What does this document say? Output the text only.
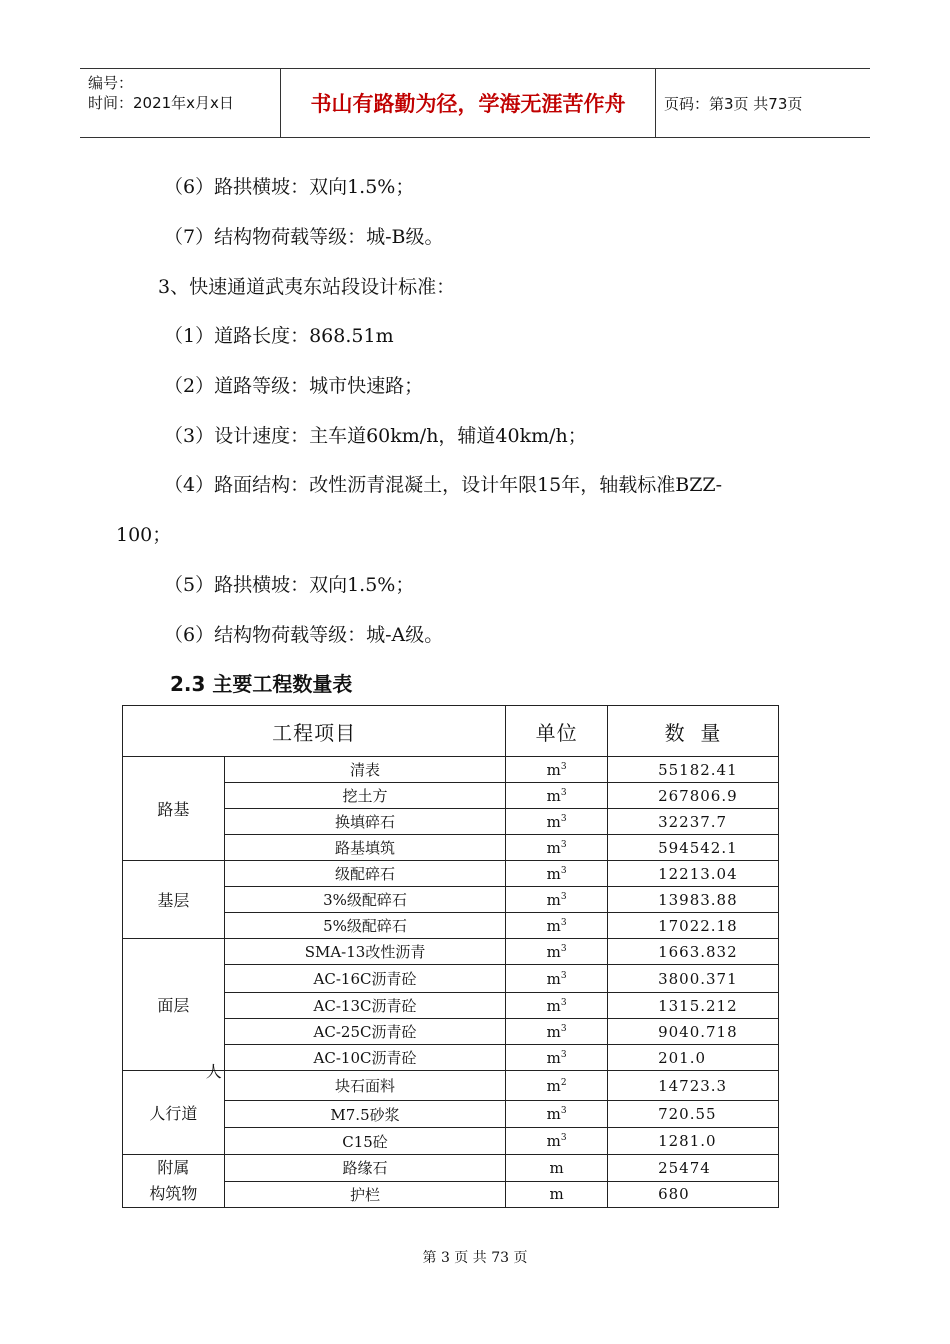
编号：
时间：2021年x月x日	书山有路勤为径，学海无涯苦作舟	页码：第3页 共73页
（6）路拱横坡：双向1.5%；
（7）结构物荷载等级：城-B级。
3、快速通道武夷东站段设计标准：
（1）道路长度：868.51m
（2）道路等级：城市快速路；
（3）设计速度：主车道60km/h，辅道40km/h；
（4）路面结构：改性沥青混凝土，设计年限15年，轴载标准BZZ-
100；
（5）路拱横坡：双向1.5%；
（6）结构物荷载等级：城-A级。
2.3 主要工程数量表
工程项目		单位	数  量
路基	清表	$m^3$	55182.41
	挖土方	$m^3$	267806.9
	换填碎石	$m^3$	32237.7
	路基填筑	$m^3$	594542.1
基层	级配碎石	$m^3$	12213.04
	3%级配碎石	$m^3$	13983.88
	5%级配碎石	$m^3$	17022.18
面层	SMA-13改性沥青	$m^3$	1663.832
	AC-16C沥青砼	$m^3$	3800.371
	AC-13C沥青砼	$m^3$	1315.212
	AC-25C沥青砼	$m^3$	9040.718
	AC-10C沥青砼	$m^3$	201.0

人
人行道	块石面料	$m^2$	14723.3
	M7.5砂浆	$m^3$	720.55
	C15砼	$m^3$	1281.0
附属
构筑物	路缘石	m	25474
	护栏	m	680
第 3 页 共 73 页
